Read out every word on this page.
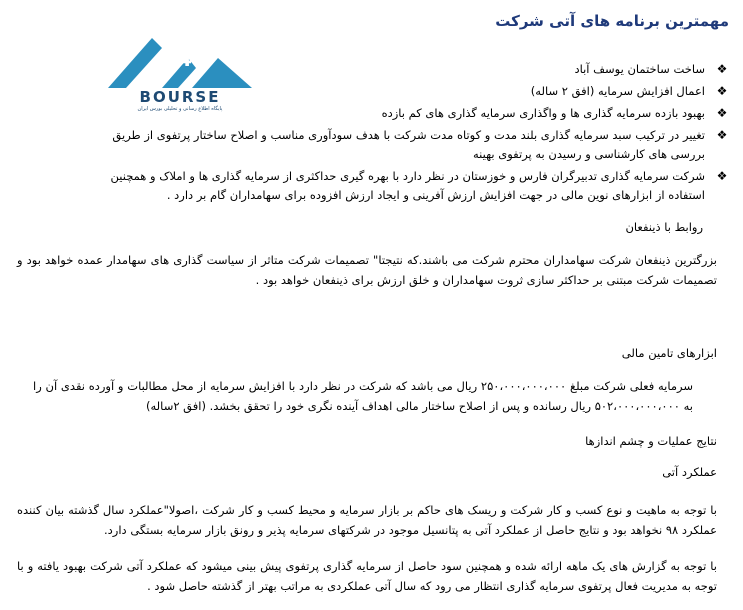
مهمترین برنامه های آتی شرکت
2 4
BOURSE
پایگاه اطلاع رسانی و تحلیلی بورس ایران
❖
ساخت ساختمان یوسف آباد
❖
اعمال افزایش سرمایه (افق ۲ ساله)
❖
بهبود بازده سرمایه گذاری ها و واگذاری سرمایه گذاری های کم بازده
❖
تغییر در ترکیب سبد سرمایه گذاری بلند مدت و کوتاه مدت شرکت با هدف سودآوری مناسب و اصلاح ساختار پرتفوی از طریق بررسی های کارشناسی و رسیدن به پرتفوی بهینه
❖
شرکت سرمایه گذاری تدبیرگران فارس و خوزستان در نظر دارد با بهره گیری حداکثری از سرمایه گذاری ها و املاک و همچنین استفاده از ابزارهای نوین مالی در جهت افزایش ارزش آفرینی و ایجاد ارزش افزوده برای سهامداران گام بر دارد .
روابط با ذینفعان
بزرگترین ذینفعان شرکت سهامداران محترم شرکت می باشند.که نتیجتا" تصمیمات شرکت متاثر از سیاست گذاری های سهامدار عمده خواهد بود و تصمیمات شرکت مبتنی بر حداکثر سازی ثروت سهامداران و خلق ارزش برای ذینفعان خواهد بود .
ابزارهای تامین مالی
سرمایه فعلی شرکت مبلغ ۲۵۰،۰۰۰،۰۰۰،۰۰۰ ریال می باشد که شرکت در نظر دارد با افزایش سرمایه از محل مطالبات و آورده نقدی آن را به ۵۰۲،۰۰۰،۰۰۰،۰۰۰ ریال رسانده و پس از اصلاح ساختار مالی اهداف آینده نگری خود را تحقق بخشد. (افق ۲ساله)
نتایج عملیات و چشم اندازها
عملکرد آتی
با توجه به ماهیت و نوع کسب و کار شرکت و ریسک های حاکم بر بازار سرمایه و محیط کسب و کار شرکت ،اصولا"عملکرد سال گذشته بیان کننده عملکرد ۹۸ نخواهد بود و نتایج حاصل از عملکرد آتی به پتانسیل موجود در شرکتهای سرمایه پذیر و رونق بازار سرمایه بستگی دارد.
با توجه به گزارش های یک ماهه ارائه شده و همچنین سود حاصل از سرمایه گذاری پرتفوی پیش بینی میشود که عملکرد آتی شرکت بهبود یافته و با توجه به مدیریت فعال پرتفوی سرمایه گذاری انتظار می رود که سال آتی عملکردی به مراتب بهتر از گذشته حاصل شود .
